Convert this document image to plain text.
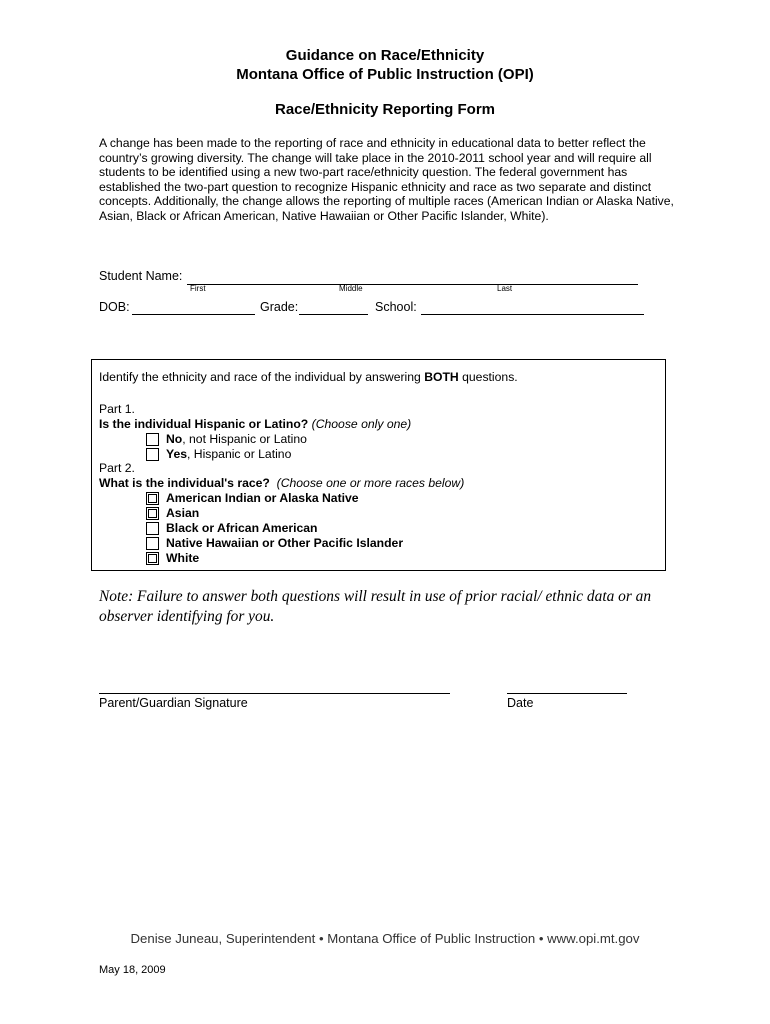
Guidance on Race/Ethnicity
Montana Office of Public Instruction (OPI)
Race/Ethnicity Reporting Form
A change has been made to the reporting of race and ethnicity in educational data to better reflect the country’s growing diversity. The change will take place in the 2010-2011 school year and will require all students to be identified using a new two-part race/ethnicity question. The federal government has established the two-part question to recognize Hispanic ethnicity and race as two separate and distinct concepts. Additionally, the change allows the reporting of multiple races (American Indian or Alaska Native, Asian, Black or African American, Native Hawaiian or Other Pacific Islander, White).
Student Name:
First	Middle	Last
DOB:	Grade:	School:
Identify the ethnicity and race of the individual by answering BOTH questions.
Part 1.
Is the individual Hispanic or Latino? (Choose only one)
No, not Hispanic or Latino
Yes, Hispanic or Latino
Part 2.
What is the individual's race? (Choose one or more races below)
American Indian or Alaska Native
Asian
Black or African American
Native Hawaiian or Other Pacific Islander
White
Note: Failure to answer both questions will result in use of prior racial/ ethnic data or an observer identifying for you.
Parent/Guardian Signature	Date
Denise Juneau, Superintendent • Montana Office of Public Instruction • www.opi.mt.gov
May 18, 2009
